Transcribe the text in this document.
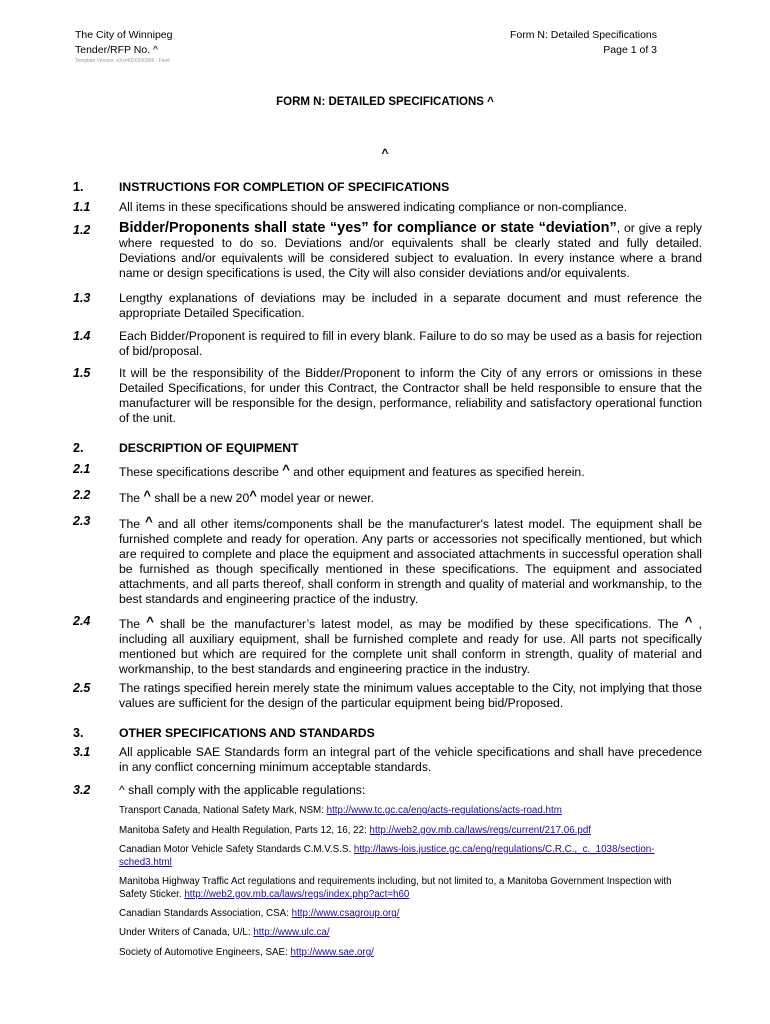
The City of Winnipeg
Tender/RFP No. ^
Template Version: eXxr4020200306 - Fleet
Form N: Detailed Specifications
Page 1 of 3
FORM N: DETAILED SPECIFICATIONS ^
^
1.	INSTRUCTIONS FOR COMPLETION OF SPECIFICATIONS
1.1 All items in these specifications should be answered indicating compliance or non-compliance.
1.2 Bidder/Proponents shall state “yes” for compliance or state “deviation”, or give a reply where requested to do so. Deviations and/or equivalents shall be clearly stated and fully detailed. Deviations and/or equivalents will be considered subject to evaluation. In every instance where a brand name or design specifications is used, the City will also consider deviations and/or equivalents.
1.3 Lengthy explanations of deviations may be included in a separate document and must reference the appropriate Detailed Specification.
1.4 Each Bidder/Proponent is required to fill in every blank. Failure to do so may be used as a basis for rejection of bid/proposal.
1.5 It will be the responsibility of the Bidder/Proponent to inform the City of any errors or omissions in these Detailed Specifications, for under this Contract, the Contractor shall be held responsible to ensure that the manufacturer will be responsible for the design, performance, reliability and satisfactory operational function of the unit.
2.	DESCRIPTION OF EQUIPMENT
2.1 These specifications describe ^ and other equipment and features as specified herein.
2.2 The ^ shall be a new 20^ model year or newer.
2.3 The ^ and all other items/components shall be the manufacturer's latest model. The equipment shall be furnished complete and ready for operation. Any parts or accessories not specifically mentioned, but which are required to complete and place the equipment and associated attachments in successful operation shall be furnished as though specifically mentioned in these specifications. The equipment and associated attachments, and all parts thereof, shall conform in strength and quality of material and workmanship, to the best standards and engineering practice of the industry.
2.4 The ^ shall be the manufacturer’s latest model, as may be modified by these specifications. The ^ , including all auxiliary equipment, shall be furnished complete and ready for use. All parts not specifically mentioned but which are required for the complete unit shall conform in strength, quality of material and workmanship, to the best standards and engineering practice in the industry.
2.5 The ratings specified herein merely state the minimum values acceptable to the City, not implying that those values are sufficient for the design of the particular equipment being bid/Proposed.
3.	OTHER SPECIFICATIONS AND STANDARDS
3.1 All applicable SAE Standards form an integral part of the vehicle specifications and shall have precedence in any conflict concerning minimum acceptable standards.
3.2 ^ shall comply with the applicable regulations:
Transport Canada, National Safety Mark, NSM: http://www.tc.gc.ca/eng/acts-regulations/acts-road.htm
Manitoba Safety and Health Regulation, Parts 12, 16, 22: http://web2.gov.mb.ca/laws/regs/current/217.06.pdf
Canadian Motor Vehicle Safety Standards C.M.V.S.S. http://laws-lois.justice.gc.ca/eng/regulations/C.R.C.,_c._1038/section-sched3.html
Manitoba Highway Traffic Act regulations and requirements including, but not limited to, a Manitoba Government Inspection with Safety Sticker. http://web2.gov.mb.ca/laws/regs/index.php?act=h60
Canadian Standards Association, CSA: http://www.csagroup.org/
Under Writers of Canada, U/L: http://www.ulc.ca/
Society of Automotive Engineers, SAE: http://www.sae.org/
